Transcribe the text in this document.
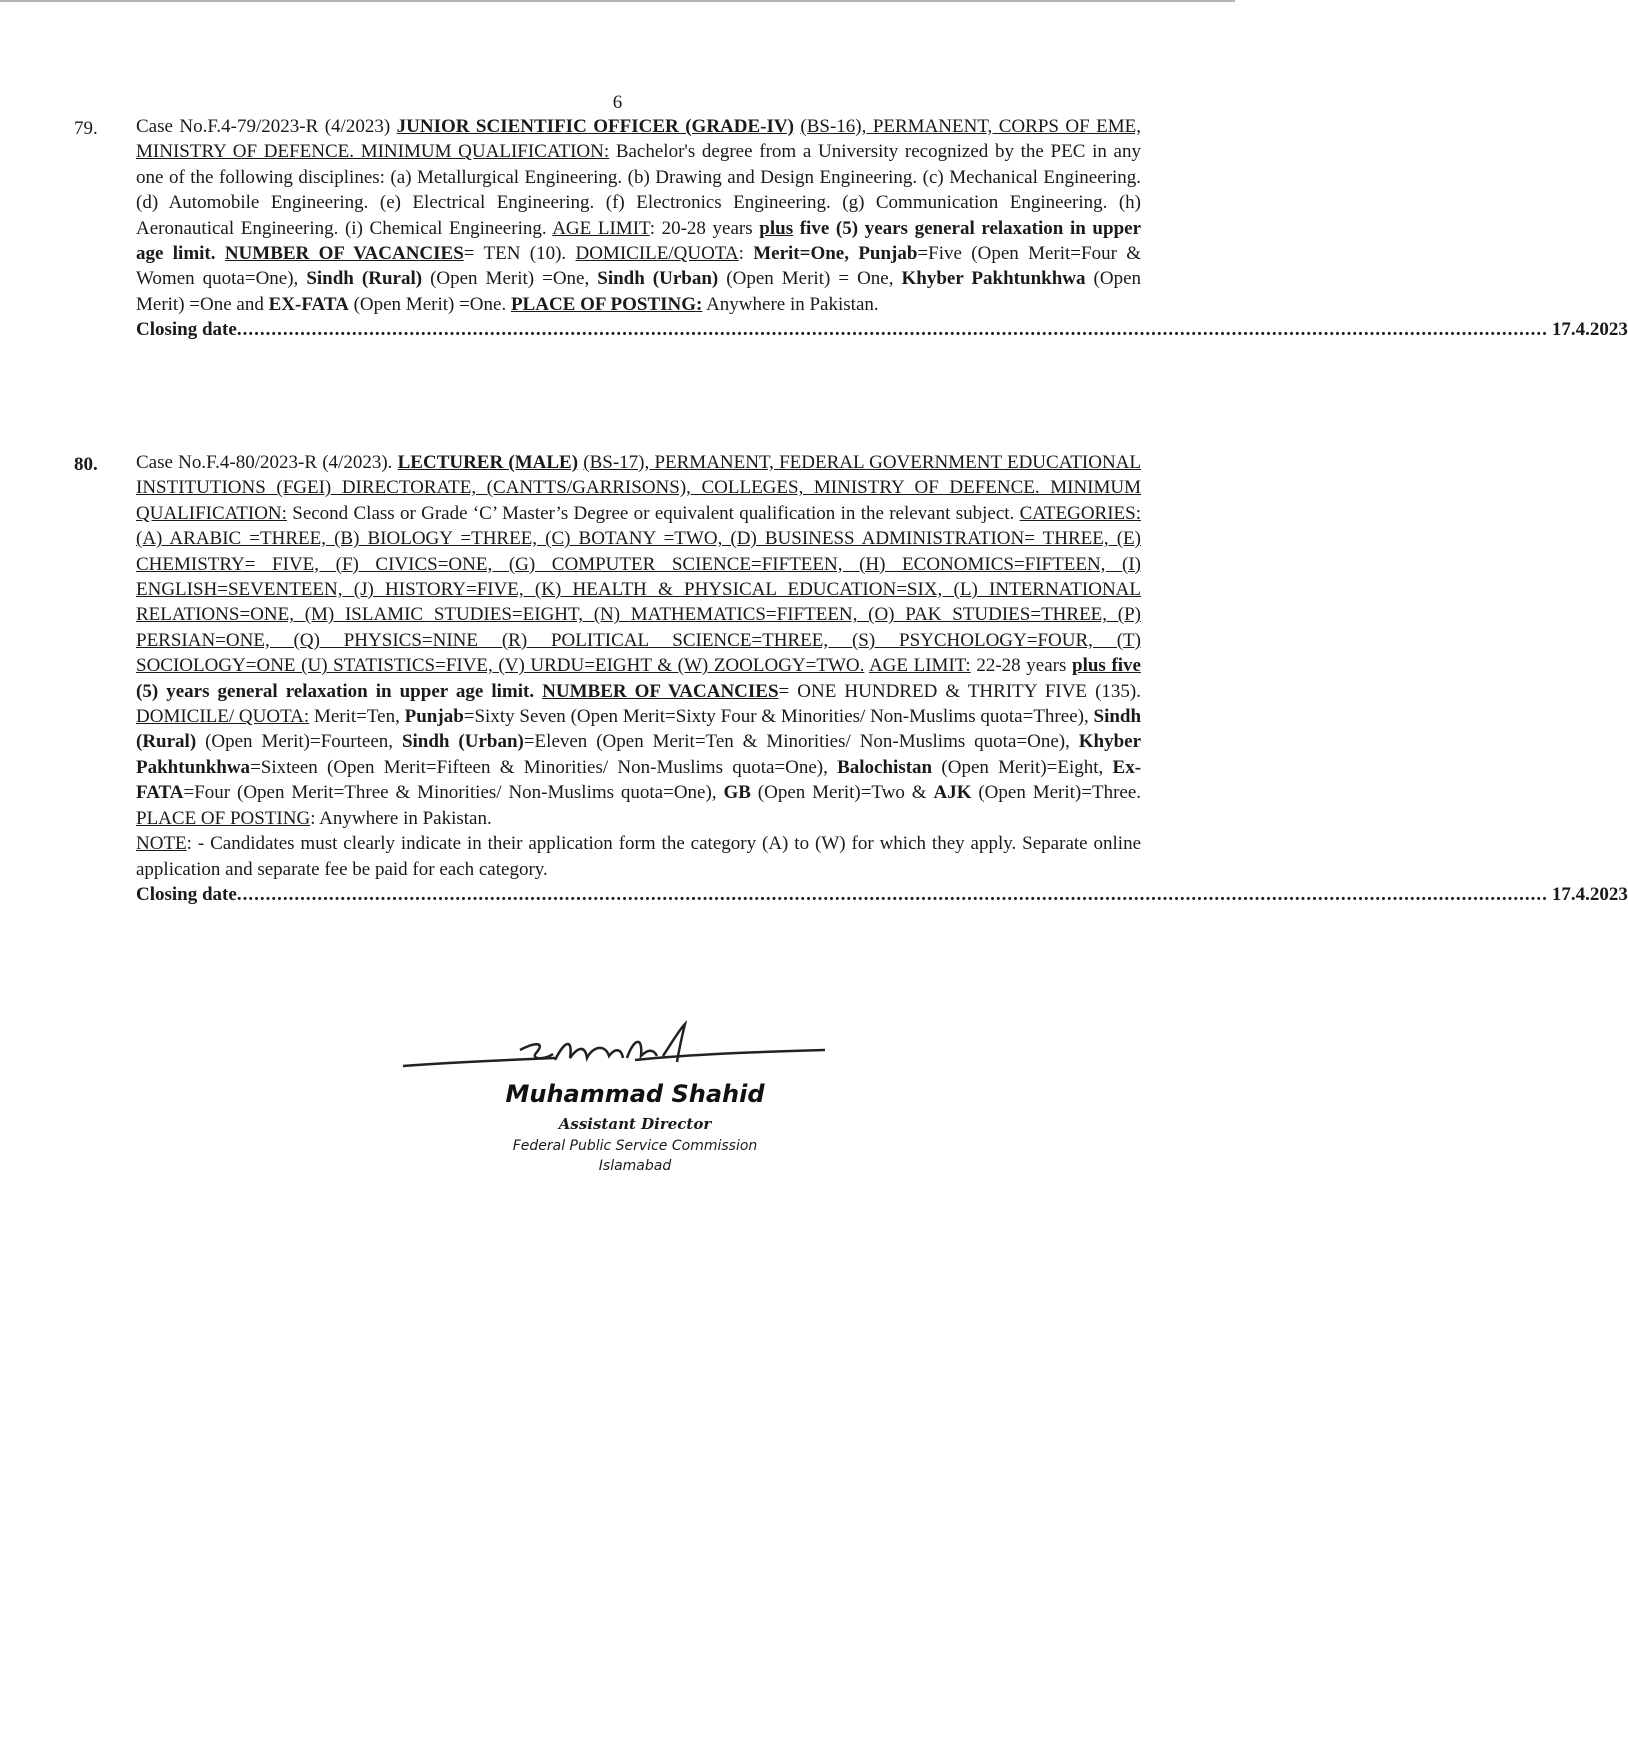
6
79. Case No.F.4-79/2023-R (4/2023) JUNIOR SCIENTIFIC OFFICER (GRADE-IV) (BS-16), PERMANENT, CORPS OF EME, MINISTRY OF DEFENCE. MINIMUM QUALIFICATION: Bachelor's degree from a University recognized by the PEC in any one of the following disciplines: (a) Metallurgical Engineering. (b) Drawing and Design Engineering. (c) Mechanical Engineering. (d) Automobile Engineering. (e) Electrical Engineering. (f) Electronics Engineering. (g) Communication Engineering. (h) Aeronautical Engineering. (i) Chemical Engineering. AGE LIMIT: 20-28 years plus five (5) years general relaxation in upper age limit. NUMBER OF VACANCIES= TEN (10). DOMICILE/QUOTA: Merit=One, Punjab=Five (Open Merit=Four & Women quota=One), Sindh (Rural) (Open Merit) =One, Sindh (Urban) (Open Merit) = One, Khyber Pakhtunkhwa (Open Merit) =One and EX-FATA (Open Merit) =One. PLACE OF POSTING: Anywhere in Pakistan.
Closing date .................................................................................................................................................................................................................................... 17.4.2023
80. Case No.F.4-80/2023-R (4/2023). LECTURER (MALE) (BS-17), PERMANENT, FEDERAL GOVERNMENT EDUCATIONAL INSTITUTIONS (FGEI) DIRECTORATE, (CANTTS/GARRISONS), COLLEGES, MINISTRY OF DEFENCE. MINIMUM QUALIFICATION: Second Class or Grade ‘C’ Master’s Degree or equivalent qualification in the relevant subject. CATEGORIES: (A) ARABIC =THREE, (B) BIOLOGY =THREE, (C) BOTANY =TWO, (D) BUSINESS ADMINISTRATION= THREE, (E) CHEMISTRY= FIVE, (F) CIVICS=ONE, (G) COMPUTER SCIENCE=FIFTEEN, (H) ECONOMICS=FIFTEEN, (I) ENGLISH=SEVENTEEN, (J) HISTORY=FIVE, (K) HEALTH & PHYSICAL EDUCATION=SIX, (L) INTERNATIONAL RELATIONS=ONE, (M) ISLAMIC STUDIES=EIGHT, (N) MATHEMATICS=FIFTEEN, (O) PAK STUDIES=THREE, (P) PERSIAN=ONE, (Q) PHYSICS=NINE (R) POLITICAL SCIENCE=THREE, (S) PSYCHOLOGY=FOUR, (T) SOCIOLOGY=ONE (U) STATISTICS=FIVE, (V) URDU=EIGHT & (W) ZOOLOGY=TWO. AGE LIMIT: 22-28 years plus five (5) years general relaxation in upper age limit. NUMBER OF VACANCIES= ONE HUNDRED & THRITY FIVE (135). DOMICILE/ QUOTA: Merit=Ten, Punjab=Sixty Seven (Open Merit=Sixty Four & Minorities/ Non-Muslims quota=Three), Sindh (Rural) (Open Merit)=Fourteen, Sindh (Urban)=Eleven (Open Merit=Ten & Minorities/ Non-Muslims quota=One), Khyber Pakhtunkhwa=Sixteen (Open Merit=Fifteen & Minorities/ Non-Muslims quota=One), Balochistan (Open Merit)=Eight, Ex-FATA=Four (Open Merit=Three & Minorities/ Non-Muslims quota=One), GB (Open Merit)=Two & AJK (Open Merit)=Three. PLACE OF POSTING: Anywhere in Pakistan.
NOTE: - Candidates must clearly indicate in their application form the category (A) to (W) for which they apply. Separate online application and separate fee be paid for each category.
Closing date .................................................................................................................................................................................................................................... 17.4.2023
Muhammad Shahid
Assistant Director
Federal Public Service Commission
Islamabad
